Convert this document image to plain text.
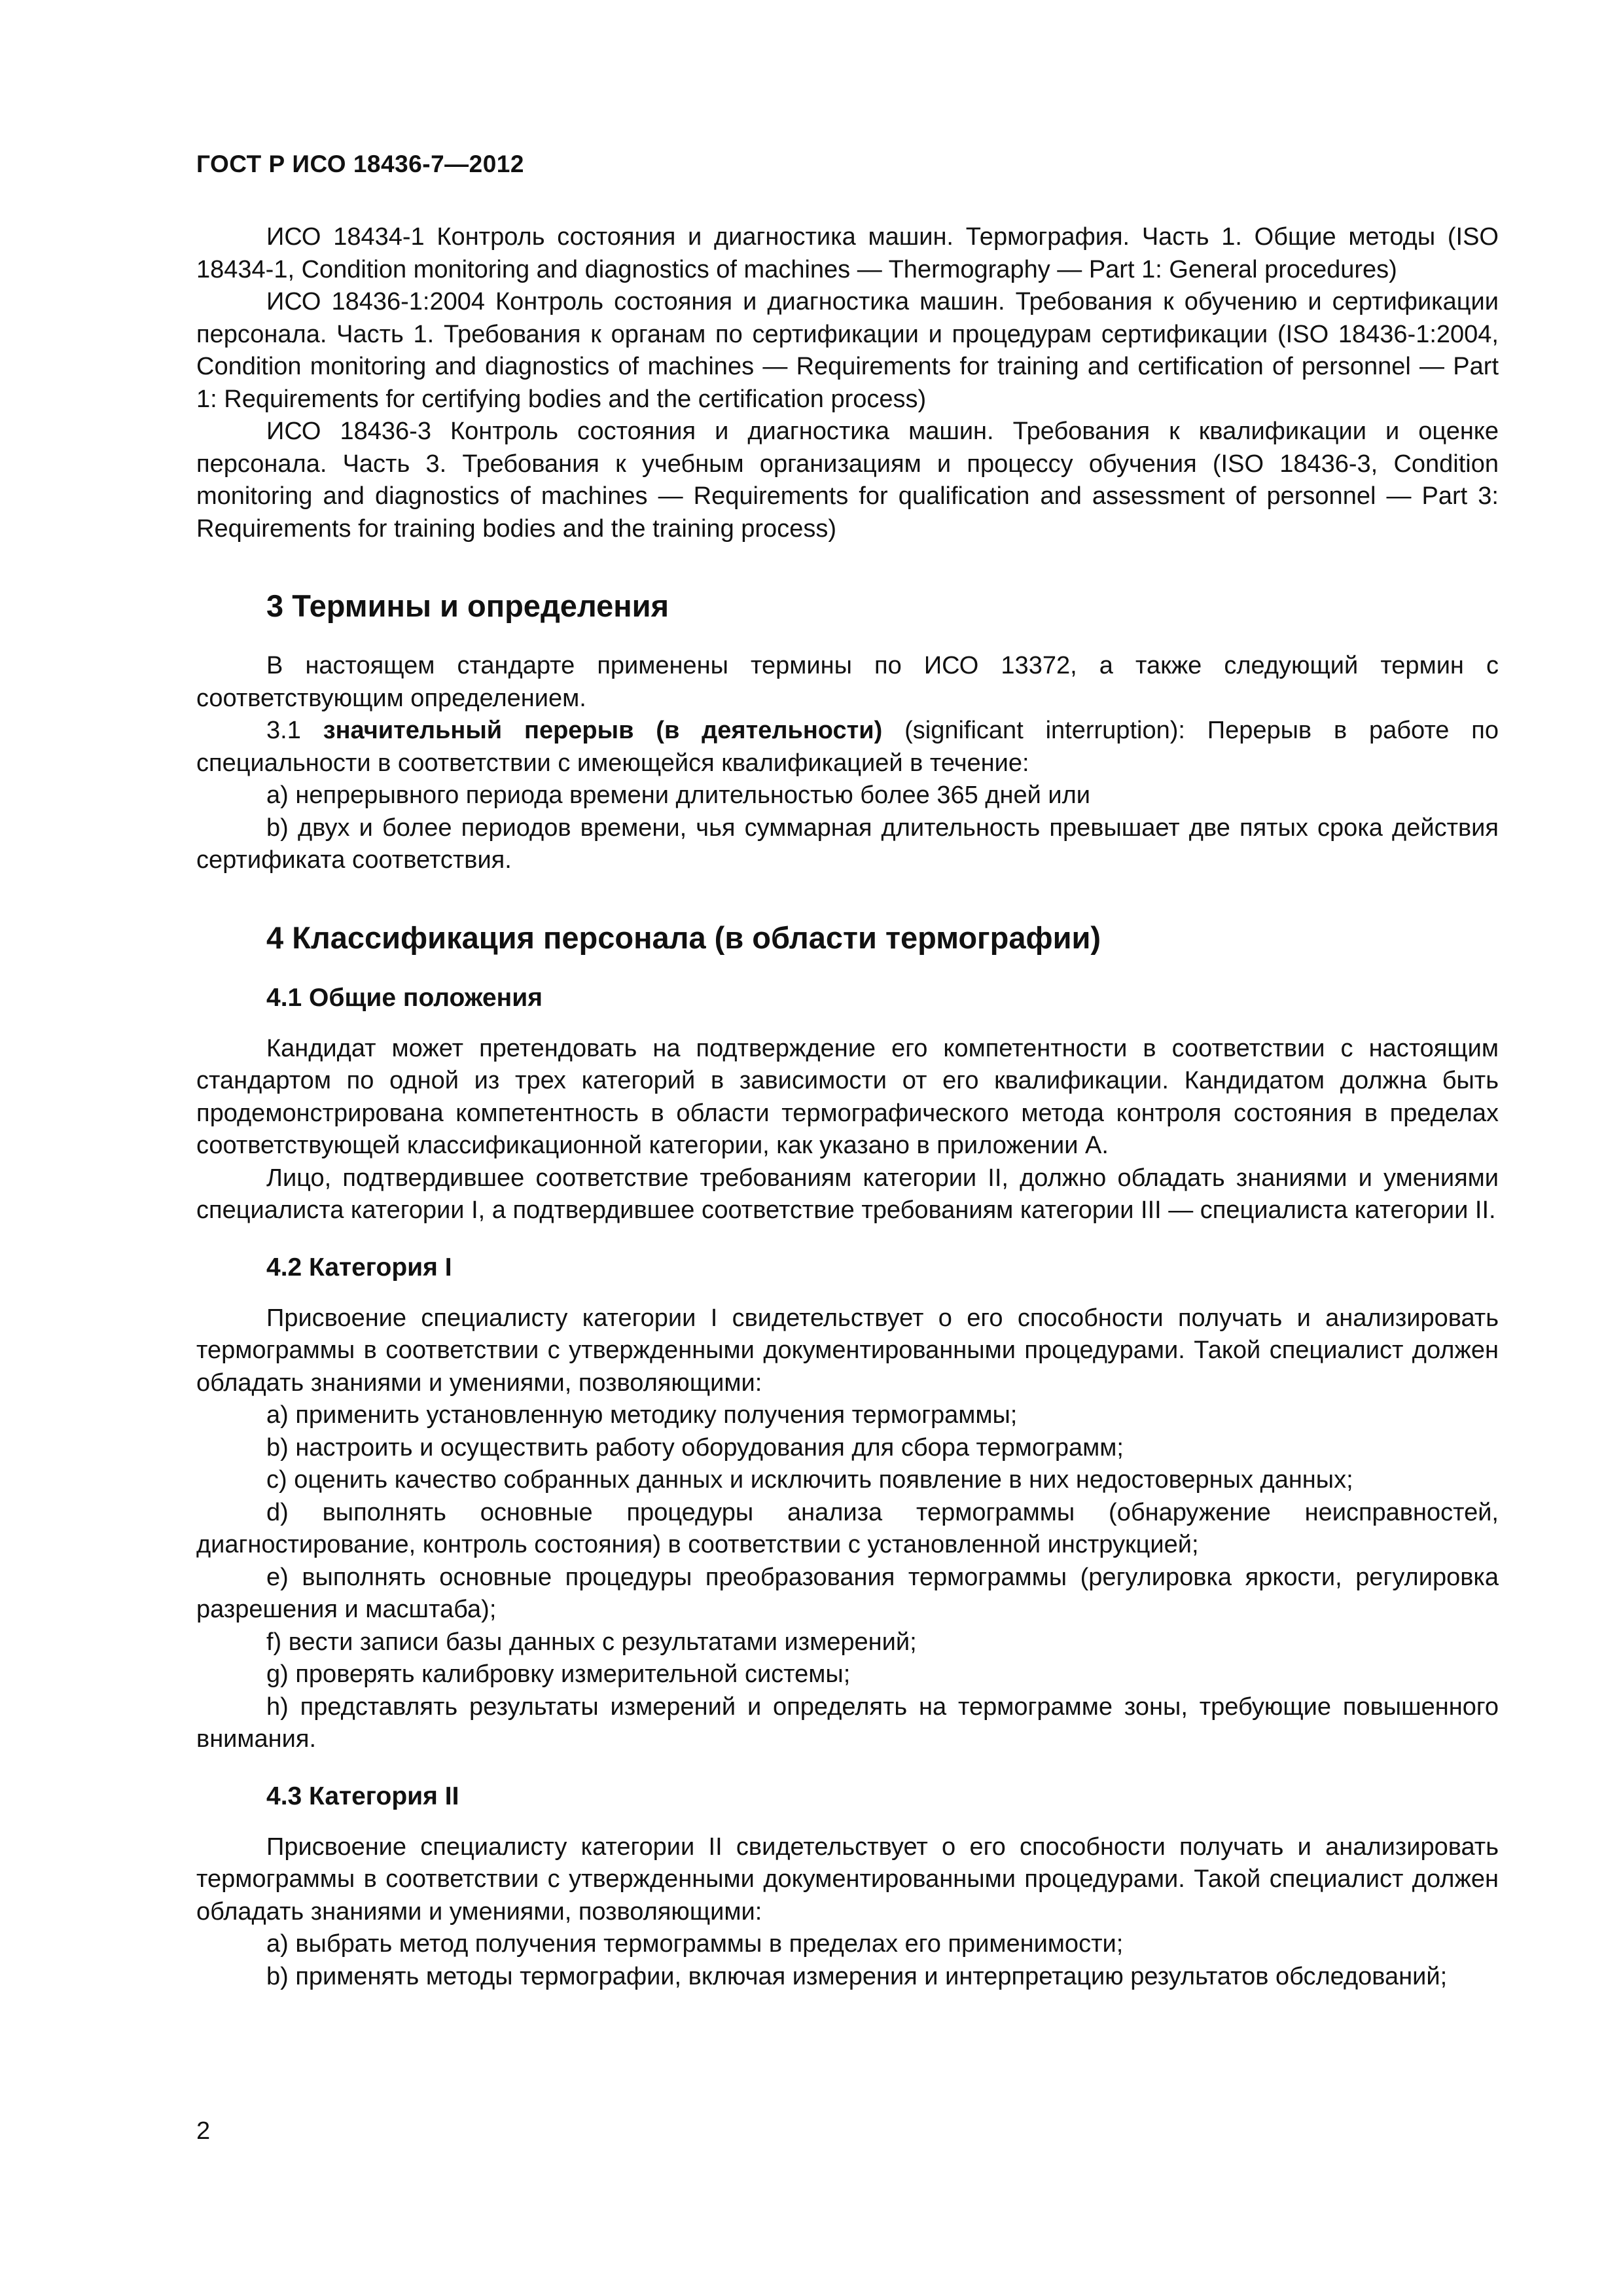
ГОСТ Р ИСО 18436-7—2012

ИСО 18434-1 Контроль состояния и диагностика машин. Термография. Часть 1. Общие методы (ISO 18434-1, Condition monitoring and diagnostics of machines — Thermography — Part 1: General procedures)

ИСО 18436-1:2004 Контроль состояния и диагностика машин. Требования к обучению и сертификации персонала. Часть 1. Требования к органам по сертификации и процедурам сертификации (ISO 18436-1:2004, Condition monitoring and diagnostics of machines — Requirements for training and certification of personnel — Part 1: Requirements for certifying bodies and the certification process)

ИСО 18436-3 Контроль состояния и диагностика машин. Требования к квалификации и оценке персонала. Часть 3. Требования к учебным организациям и процессу обучения (ISO 18436-3, Condition monitoring and diagnostics of machines — Requirements for qualification and assessment of personnel — Part 3: Requirements for training bodies and the training process)

3 Термины и определения

В настоящем стандарте применены термины по ИСО 13372, а также следующий термин с соответствующим определением.

3.1 значительный перерыв (в деятельности) (significant interruption): Перерыв в работе по специальности в соответствии с имеющейся квалификацией в течение:

a) непрерывного периода времени длительностью более 365 дней или

b) двух и более периодов времени, чья суммарная длительность превышает две пятых срока действия сертификата соответствия.

4 Классификация персонала (в области термографии)
4.1 Общие положения

Кандидат может претендовать на подтверждение его компетентности в соответствии с настоящим стандартом по одной из трех категорий в зависимости от его квалификации. Кандидатом должна быть продемонстрирована компетентность в области термографического метода контроля состояния в пределах соответствующей классификационной категории, как указано в приложении А.

Лицо, подтвердившее соответствие требованиям категории II, должно обладать знаниями и умениями специалиста категории I, а подтвердившее соответствие требованиям категории III — специалиста категории II.

4.2 Категория I

Присвоение специалисту категории I свидетельствует о его способности получать и анализировать термограммы в соответствии с утвержденными документированными процедурами. Такой специалист должен обладать знаниями и умениями, позволяющими:

a) применить установленную методику получения термограммы;

b) настроить и осуществить работу оборудования для сбора термограмм;

c) оценить качество собранных данных и исключить появление в них недостоверных данных;

d) выполнять основные процедуры анализа термограммы (обнаружение неисправностей, диагностирование, контроль состояния) в соответствии с установленной инструкцией;

e) выполнять основные процедуры преобразования термограммы (регулировка яркости, регулировка разрешения и масштаба);

f) вести записи базы данных с результатами измерений;

g) проверять калибровку измерительной системы;

h) представлять результаты измерений и определять на термограмме зоны, требующие повышенного внимания.

4.3 Категория II

Присвоение специалисту категории II свидетельствует о его способности получать и анализировать термограммы в соответствии с утвержденными документированными процедурами. Такой специалист должен обладать знаниями и умениями, позволяющими:

a) выбрать метод получения термограммы в пределах его применимости;

b) применять методы термографии, включая измерения и интерпретацию результатов обследований;

2
